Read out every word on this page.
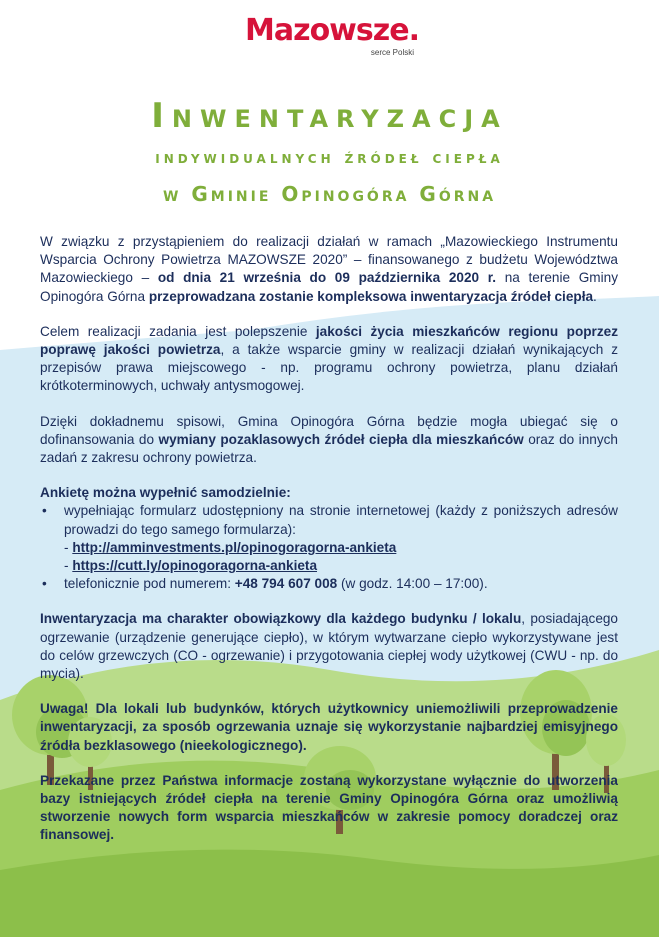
Mazowsze.
serce Polski
Inwentaryzacja
indywidualnych źródeł ciepła
w Gminie Opinogóra Górna

W związku z przystąpieniem do realizacji działań w ramach „Mazowieckiego Instrumentu Wsparcia Ochrony Powietrza MAZOWSZE 2020” – finansowanego z budżetu Województwa Mazowieckiego – od dnia 21 września do 09 października 2020 r. na terenie Gminy Opinogóra Górna przeprowadzana zostanie kompleksowa inwentaryzacja źródeł ciepła.

Celem realizacji zadania jest polepszenie jakości życia mieszkańców regionu poprzez poprawę jakości powietrza, a także wsparcie gminy w realizacji działań wynikających z przepisów prawa miejscowego - np. programu ochrony powietrza, planu działań krótkoterminowych, uchwały antysmogowej.

Dzięki dokładnemu spisowi, Gmina Opinogóra Górna będzie mogła ubiegać się o dofinansowania do wymiany pozaklasowych źródeł ciepła dla mieszkańców oraz do innych zadań z zakresu ochrony powietrza.

Ankietę można wypełnić samodzielnie:
• wypełniając formularz udostępniony na stronie internetowej (każdy z poniższych adresów prowadzi do tego samego formularza):
- http://amminvestments.pl/opinogoragorna-ankieta
- https://cutt.ly/opinogoragorna-ankieta
• telefonicznie pod numerem: +48 794 607 008 (w godz. 14:00 – 17:00).

Inwentaryzacja ma charakter obowiązkowy dla każdego budynku / lokalu, posiadającego ogrzewanie (urządzenie generujące ciepło), w którym wytwarzane ciepło wykorzystywane jest do celów grzewczych (CO - ogrzewanie) i przygotowania ciepłej wody użytkowej (CWU - np. do mycia).

Uwaga! Dla lokali lub budynków, których użytkownicy uniemożliwili przeprowadzenie inwentaryzacji, za sposób ogrzewania uznaje się wykorzystanie najbardziej emisyjnego źródła bezklasowego (nieekologicznego).

Przekazane przez Państwa informacje zostaną wykorzystane wyłącznie do utworzenia bazy istniejących źródeł ciepła na terenie Gminy Opinogóra Górna oraz umożliwią stworzenie nowych form wsparcia mieszkańców w zakresie pomocy doradczej oraz finansowej.
